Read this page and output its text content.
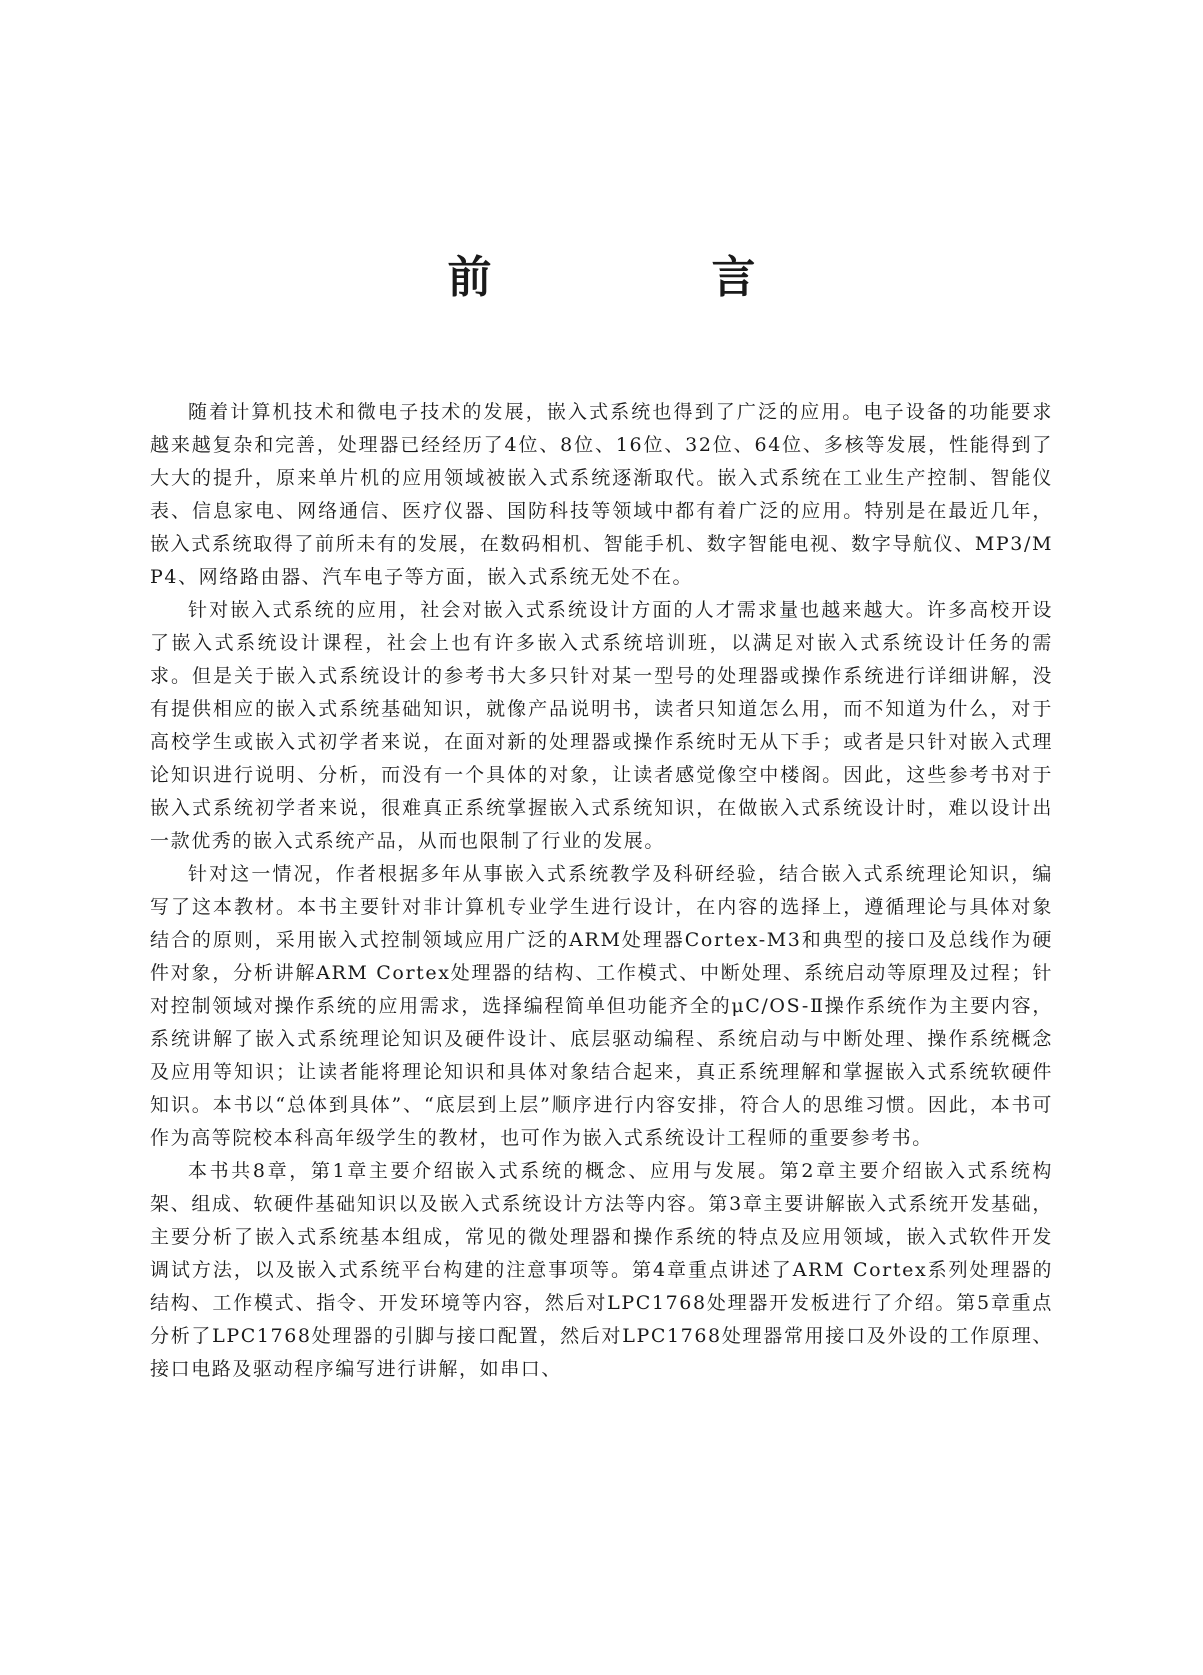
前　言

随着计算机技术和微电子技术的发展，嵌入式系统也得到了广泛的应用。电子设备的功能要求越来越复杂和完善，处理器已经经历了4位、8位、16位、32位、64位、多核等发展，性能得到了大大的提升，原来单片机的应用领域被嵌入式系统逐渐取代。嵌入式系统在工业生产控制、智能仪表、信息家电、网络通信、医疗仪器、国防科技等领域中都有着广泛的应用。特别是在最近几年，嵌入式系统取得了前所未有的发展，在数码相机、智能手机、数字智能电视、数字导航仪、MP3/MP4、网络路由器、汽车电子等方面，嵌入式系统无处不在。

针对嵌入式系统的应用，社会对嵌入式系统设计方面的人才需求量也越来越大。许多高校开设了嵌入式系统设计课程，社会上也有许多嵌入式系统培训班，以满足对嵌入式系统设计任务的需求。但是关于嵌入式系统设计的参考书大多只针对某一型号的处理器或操作系统进行详细讲解，没有提供相应的嵌入式系统基础知识，就像产品说明书，读者只知道怎么用，而不知道为什么，对于高校学生或嵌入式初学者来说，在面对新的处理器或操作系统时无从下手；或者是只针对嵌入式理论知识进行说明、分析，而没有一个具体的对象，让读者感觉像空中楼阁。因此，这些参考书对于嵌入式系统初学者来说，很难真正系统掌握嵌入式系统知识，在做嵌入式系统设计时，难以设计出一款优秀的嵌入式系统产品，从而也限制了行业的发展。

针对这一情况，作者根据多年从事嵌入式系统教学及科研经验，结合嵌入式系统理论知识，编写了这本教材。本书主要针对非计算机专业学生进行设计，在内容的选择上，遵循理论与具体对象结合的原则，采用嵌入式控制领域应用广泛的ARM处理器Cortex-M3和典型的接口及总线作为硬件对象，分析讲解ARM Cortex处理器的结构、工作模式、中断处理、系统启动等原理及过程；针对控制领域对操作系统的应用需求，选择编程简单但功能齐全的μC/OS-Ⅱ操作系统作为主要内容，系统讲解了嵌入式系统理论知识及硬件设计、底层驱动编程、系统启动与中断处理、操作系统概念及应用等知识；让读者能将理论知识和具体对象结合起来，真正系统理解和掌握嵌入式系统软硬件知识。本书以“总体到具体”、“底层到上层”顺序进行内容安排，符合人的思维习惯。因此，本书可作为高等院校本科高年级学生的教材，也可作为嵌入式系统设计工程师的重要参考书。

本书共8章，第1章主要介绍嵌入式系统的概念、应用与发展。第2章主要介绍嵌入式系统构架、组成、软硬件基础知识以及嵌入式系统设计方法等内容。第3章主要讲解嵌入式系统开发基础，主要分析了嵌入式系统基本组成，常见的微处理器和操作系统的特点及应用领域，嵌入式软件开发调试方法，以及嵌入式系统平台构建的注意事项等。第4章重点讲述了ARM Cortex系列处理器的结构、工作模式、指令、开发环境等内容，然后对LPC1768处理器开发板进行了介绍。第5章重点分析了LPC1768处理器的引脚与接口配置，然后对LPC1768处理器常用接口及外设的工作原理、接口电路及驱动程序编写进行讲解，如串口、
